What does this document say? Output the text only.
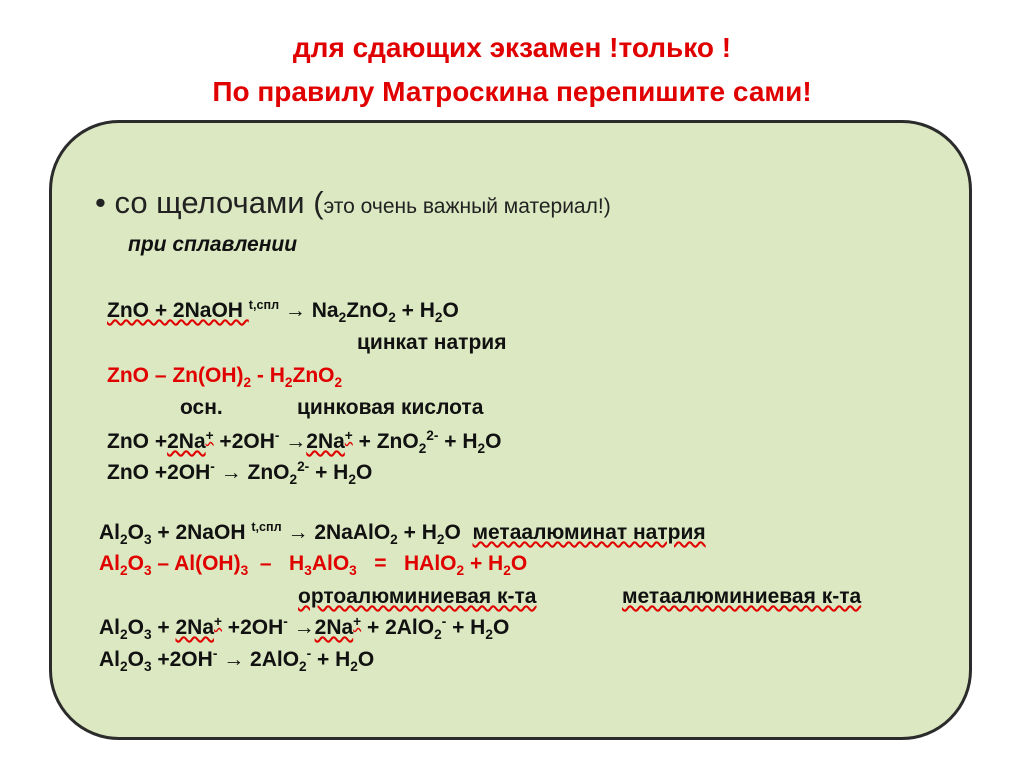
для сдающих экзамен !только !
По правилу Матроскина перепишите сами!
• со щелочами (это очень важный материал!)
при сплавлении
ZnO + 2NaOH $^{t,спл} \to Na_2ZnO_2 + H_2O$
цинкат натрия
ZnO – $Zn(OH)_2 - H_2ZnO_2$
осн.	цинковая кислота
ZnO $+2Na^+ +2OH^- \to 2Na^+ + ZnO_2^{2-} + H_2O$
ZnO $+2OH^- \to ZnO_2^{2-} + H_2O$
$Al_2O_3$ + 2NaOH $^{t,спл}$ → 2NaAlO$_2$ + $H_2O$ метаалюминат натрия
$Al_2O_3 - Al(OH)_3 - H_3AlO_3$   =   HAlO$_2$ + $H_2O$
ортоалюминиевая к-та	метаалюминиевая к-та
$Al_2O_3 + 2Na^+ +2OH^- \to 2Na^+ + 2AlO_2^- + H_2O$
$Al_2O_3 +2OH^- \to 2AlO_2^- + H_2O$
